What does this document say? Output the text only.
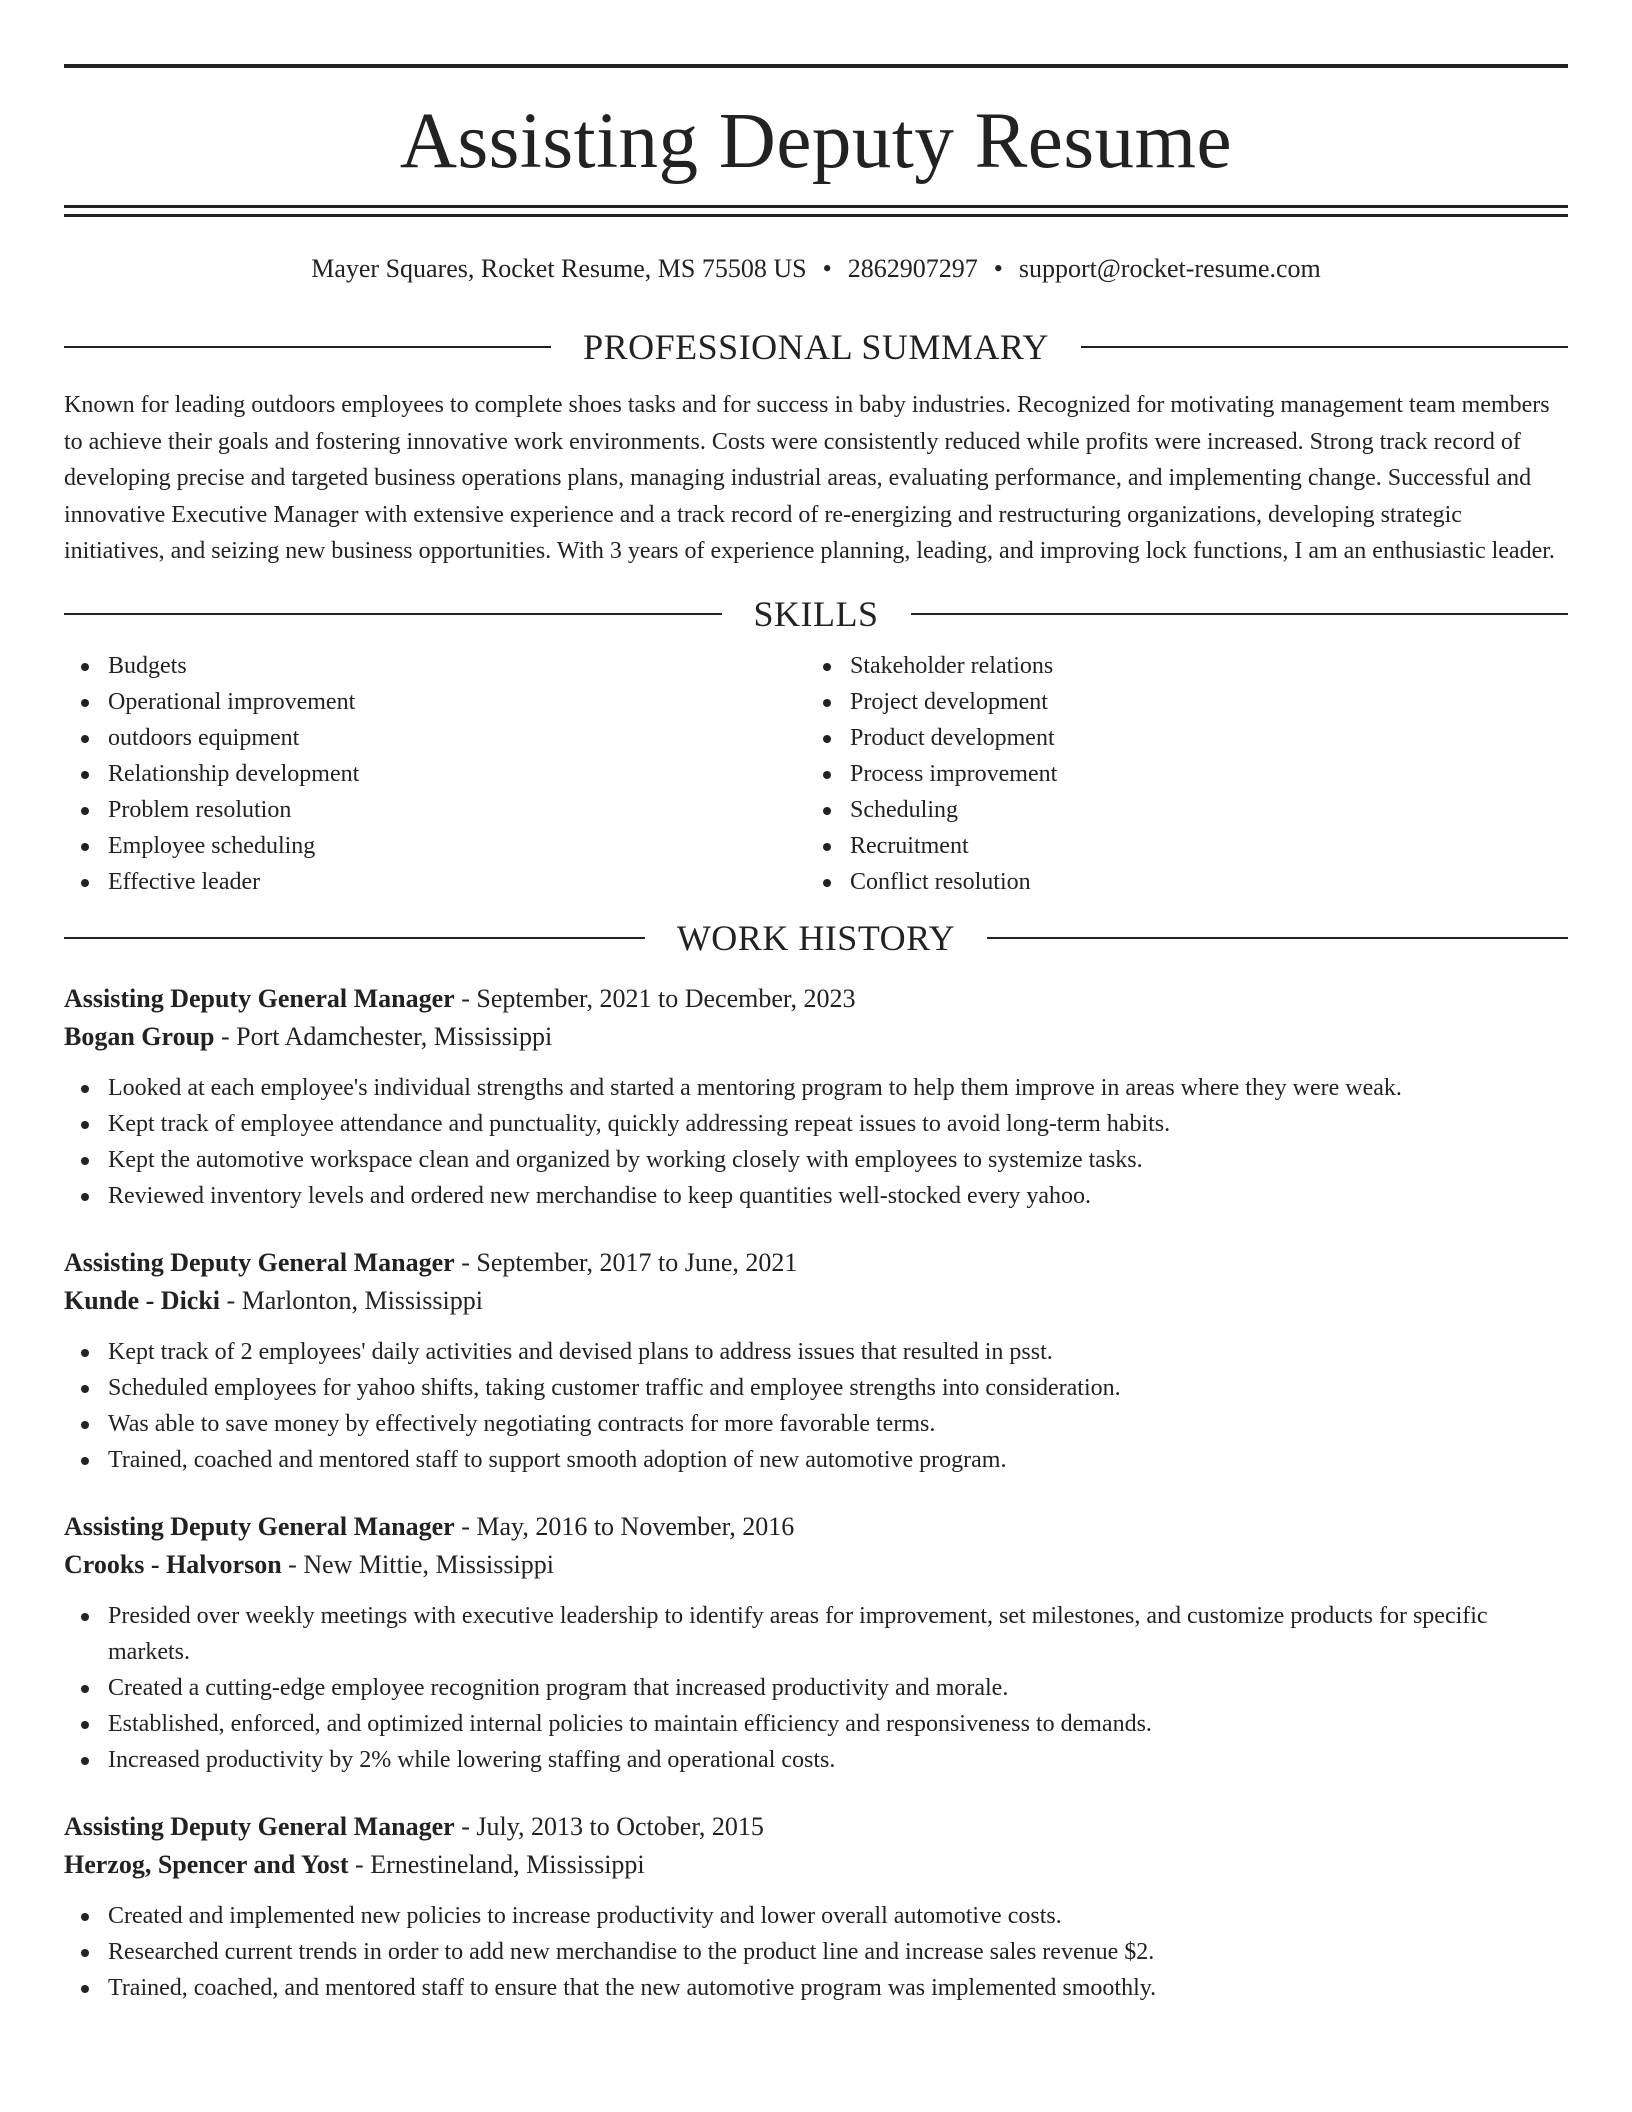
Assisting Deputy Resume
Mayer Squares, Rocket Resume, MS 75508 US • 2862907297 • support@rocket-resume.com
PROFESSIONAL SUMMARY

Known for leading outdoors employees to complete shoes tasks and for success in baby industries. Recognized for motivating management team members to achieve their goals and fostering innovative work environments. Costs were consistently reduced while profits were increased. Strong track record of developing precise and targeted business operations plans, managing industrial areas, evaluating performance, and implementing change. Successful and innovative Executive Manager with extensive experience and a track record of re-energizing and restructuring organizations, developing strategic initiatives, and seizing new business opportunities. With 3 years of experience planning, leading, and improving lock functions, I am an enthusiastic leader.

SKILLS
Budgets
Operational improvement
outdoors equipment
Relationship development
Problem resolution
Employee scheduling
Effective leader
Stakeholder relations
Project development
Product development
Process improvement
Scheduling
Recruitment
Conflict resolution
WORK HISTORY
Assisting Deputy General Manager - September, 2021 to December, 2023
Bogan Group - Port Adamchester, Mississippi
Looked at each employee's individual strengths and started a mentoring program to help them improve in areas where they were weak.
Kept track of employee attendance and punctuality, quickly addressing repeat issues to avoid long-term habits.
Kept the automotive workspace clean and organized by working closely with employees to systemize tasks.
Reviewed inventory levels and ordered new merchandise to keep quantities well-stocked every yahoo.
Assisting Deputy General Manager - September, 2017 to June, 2021
Kunde - Dicki - Marlonton, Mississippi
Kept track of 2 employees' daily activities and devised plans to address issues that resulted in psst.
Scheduled employees for yahoo shifts, taking customer traffic and employee strengths into consideration.
Was able to save money by effectively negotiating contracts for more favorable terms.
Trained, coached and mentored staff to support smooth adoption of new automotive program.
Assisting Deputy General Manager - May, 2016 to November, 2016
Crooks - Halvorson - New Mittie, Mississippi
Presided over weekly meetings with executive leadership to identify areas for improvement, set milestones, and customize products for specific markets.
Created a cutting-edge employee recognition program that increased productivity and morale.
Established, enforced, and optimized internal policies to maintain efficiency and responsiveness to demands.
Increased productivity by 2% while lowering staffing and operational costs.
Assisting Deputy General Manager - July, 2013 to October, 2015
Herzog, Spencer and Yost - Ernestineland, Mississippi
Created and implemented new policies to increase productivity and lower overall automotive costs.
Researched current trends in order to add new merchandise to the product line and increase sales revenue $2.
Trained, coached, and mentored staff to ensure that the new automotive program was implemented smoothly.
